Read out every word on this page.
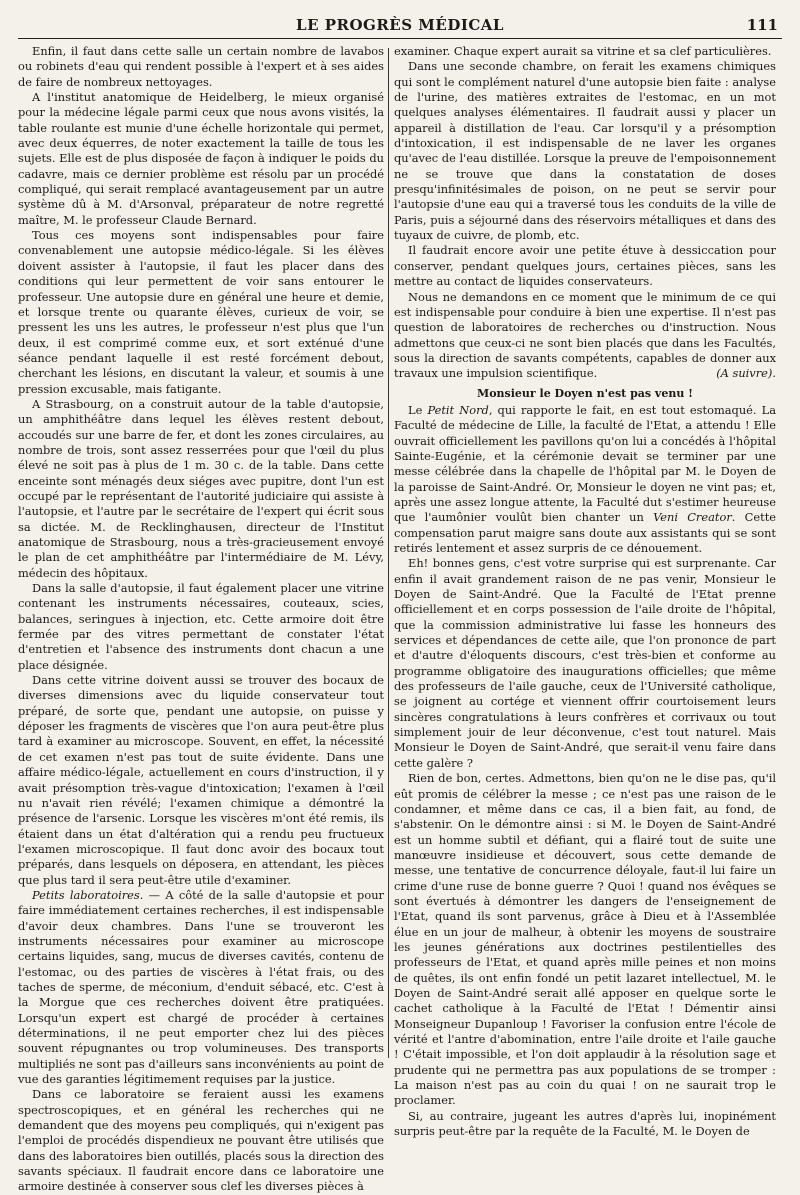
LE PROGRÈS MÉDICAL	111

Enfin, il faut dans cette salle un certain nombre de lavabos ou robinets d'eau qui rendent possible à l'expert et à ses aides de faire de nombreux nettoyages.

A l'institut anatomique de Heidelberg, le mieux organisé pour la médecine légale parmi ceux que nous avons visités, la table roulante est munie d'une échelle horizontale qui permet, avec deux équerres, de noter exactement la taille de tous les sujets. Elle est de plus disposée de façon à indiquer le poids du cadavre, mais ce dernier problème est résolu par un procédé compliqué, qui serait remplacé avantageusement par un autre système dû à M. d'Arsonval, préparateur de notre regretté maître, M. le professeur Claude Bernard.

Tous ces moyens sont indispensables pour faire convenablement une autopsie médico-légale. Si les élèves doivent assister à l'autopsie, il faut les placer dans des conditions qui leur permettent de voir sans entourer le professeur. Une autopsie dure en général une heure et demie, et lorsque trente ou quarante élèves, curieux de voir, se pressent les uns les autres, le professeur n'est plus que l'un deux, il est comprimé comme eux, et sort exténué d'une séance pendant laquelle il est resté forcément debout, cherchant les lésions, en discutant la valeur, et soumis à une pression excusable, mais fatigante.

A Strasbourg, on a construit autour de la table d'autopsie, un amphithéâtre dans lequel les élèves restent debout, accoudés sur une barre de fer, et dont les zones circulaires, au nombre de trois, sont assez resserrées pour que l'œil du plus élevé ne soit pas à plus de 1 m. 30 c. de la table. Dans cette enceinte sont ménagés deux siéges avec pupitre, dont l'un est occupé par le représentant de l'autorité judiciaire qui assiste à l'autopsie, et l'autre par le secrétaire de l'expert qui écrit sous sa dictée. M. de Recklinghausen, directeur de l'Institut anatomique de Strasbourg, nous a très-gracieusement envoyé le plan de cet amphithéâtre par l'intermédiaire de M. Lévy, médecin des hôpitaux.

Dans la salle d'autopsie, il faut également placer une vitrine contenant les instruments nécessaires, couteaux, scies, balances, seringues à injection, etc. Cette armoire doit être fermée par des vitres permettant de constater l'état d'entretien et l'absence des instruments dont chacun a une place désignée.

Dans cette vitrine doivent aussi se trouver des bocaux de diverses dimensions avec du liquide conservateur tout préparé, de sorte que, pendant une autopsie, on puisse y déposer les fragments de viscères que l'on aura peut-être plus tard à examiner au microscope. Souvent, en effet, la nécessité de cet examen n'est pas tout de suite évidente. Dans une affaire médico-légale, actuellement en cours d'instruction, il y avait présomption très-vague d'intoxication; l'examen à l'œil nu n'avait rien révélé; l'examen chimique a démontré la présence de l'arsenic. Lorsque les viscères m'ont été remis, ils étaient dans un état d'altération qui a rendu peu fructueux l'examen microscopique. Il faut donc avoir des bocaux tout préparés, dans lesquels on déposera, en attendant, les pièces que plus tard il sera peut-être utile d'examiner.

Petits laboratoires. — A côté de la salle d'autopsie et pour faire immédiatement certaines recherches, il est indispensable d'avoir deux chambres. Dans l'une se trouveront les instruments nécessaires pour examiner au microscope certains liquides, sang, mucus de diverses cavités, contenu de l'estomac, ou des parties de viscères à l'état frais, ou des taches de sperme, de méconium, d'enduit sébacé, etc. C'est à la Morgue que ces recherches doivent être pratiquées. Lorsqu'un expert est chargé de procéder à certaines déterminations, il ne peut emporter chez lui des pièces souvent répugnantes ou trop volumineuses. Des transports multipliés ne sont pas d'ailleurs sans inconvénients au point de vue des garanties légitimement requises par la justice.

Dans ce laboratoire se feraient aussi les examens spectroscopiques, et en général les recherches qui ne demandent que des moyens peu compliqués, qui n'exigent pas l'emploi de procédés dispendieux ne pouvant être utilisés que dans des laboratoires bien outillés, placés sous la direction des savants spéciaux. Il faudrait encore dans ce laboratoire une armoire destinée à conserver sous clef les diverses pièces à

examiner. Chaque expert aurait sa vitrine et sa clef particulières.

Dans une seconde chambre, on ferait les examens chimiques qui sont le complément naturel d'une autopsie bien faite : analyse de l'urine, des matières extraites de l'estomac, en un mot quelques analyses élémentaires. Il faudrait aussi y placer un appareil à distillation de l'eau. Car lorsqu'il y a présomption d'intoxication, il est indispensable de ne laver les organes qu'avec de l'eau distillée. Lorsque la preuve de l'empoisonnement ne se trouve que dans la constatation de doses presqu'infinitésimales de poison, on ne peut se servir pour l'autopsie d'une eau qui a traversé tous les conduits de la ville de Paris, puis a séjourné dans des réservoirs métalliques et dans des tuyaux de cuivre, de plomb, etc.

Il faudrait encore avoir une petite étuve à dessiccation pour conserver, pendant quelques jours, certaines pièces, sans les mettre au contact de liquides conservateurs.

Nous ne demandons en ce moment que le minimum de ce qui est indispensable pour conduire à bien une expertise. Il n'est pas question de laboratoires de recherches ou d'instruction. Nous admettons que ceux-ci ne sont bien placés que dans les Facultés, sous la direction de savants compétents, capables de donner aux travaux une impulsion scientifique.	(A suivre).

Monsieur le Doyen n'est pas venu !

Le Petit Nord, qui rapporte le fait, en est tout estomaqué. La Faculté de médecine de Lille, la faculté de l'Etat, a attendu ! Elle ouvrait officiellement les pavillons qu'on lui a concédés à l'hôpital Sainte-Eugénie, et la cérémonie devait se terminer par une messe célébrée dans la chapelle de l'hôpital par M. le Doyen de la paroisse de Saint-André. Or, Monsieur le doyen ne vint pas; et, après une assez longue attente, la Faculté dut s'estimer heureuse que l'aumônier voulût bien chanter un Veni Creator. Cette compensation parut maigre sans doute aux assistants qui se sont retirés lentement et assez surpris de ce dénouement.

Eh! bonnes gens, c'est votre surprise qui est surprenante. Car enfin il avait grandement raison de ne pas venir, Monsieur le Doyen de Saint-André. Que la Faculté de l'Etat prenne officiellement et en corps possession de l'aile droite de l'hôpital, que la commission administrative lui fasse les honneurs des services et dépendances de cette aile, que l'on prononce de part et d'autre d'éloquents discours, c'est très-bien et conforme au programme obligatoire des inaugurations officielles; que même des professeurs de l'aile gauche, ceux de l'Université catholique, se joignent au cortége et viennent offrir courtoisement leurs sincères congratulations à leurs confrères et corrivaux ou tout simplement jouir de leur déconvenue, c'est tout naturel. Mais Monsieur le Doyen de Saint-André, que serait-il venu faire dans cette galère ?

Rien de bon, certes. Admettons, bien qu'on ne le dise pas, qu'il eût promis de célébrer la messe ; ce n'est pas une raison de le condamner, et même dans ce cas, il a bien fait, au fond, de s'abstenir. On le démontre ainsi : si M. le Doyen de Saint-André est un homme subtil et défiant, qui a flairé tout de suite une manœuvre insidieuse et découvert, sous cette demande de messe, une tentative de concurrence déloyale, faut-il lui faire un crime d'une ruse de bonne guerre ? Quoi ! quand nos évêques se sont évertués à démontrer les dangers de l'enseignement de l'Etat, quand ils sont parvenus, grâce à Dieu et à l'Assemblée élue en un jour de malheur, à obtenir les moyens de soustraire les jeunes générations aux doctrines pestilentielles des professeurs de l'Etat, et quand après mille peines et non moins de quêtes, ils ont enfin fondé un petit lazaret intellectuel, M. le Doyen de Saint-André serait allé apposer en quelque sorte le cachet catholique à la Faculté de l'Etat ! Démentir ainsi Monseigneur Dupanloup ! Favoriser la confusion entre l'école de vérité et l'antre d'abomination, entre l'aile droite et l'aile gauche ! C'était impossible, et l'on doit applaudir à la résolution sage et prudente qui ne permettra pas aux populations de se tromper : La maison n'est pas au coin du quai ! on ne saurait trop le proclamer.

Si, au contraire, jugeant les autres d'après lui, inopinément surpris peut-être par la requête de la Faculté, M. le Doyen de
